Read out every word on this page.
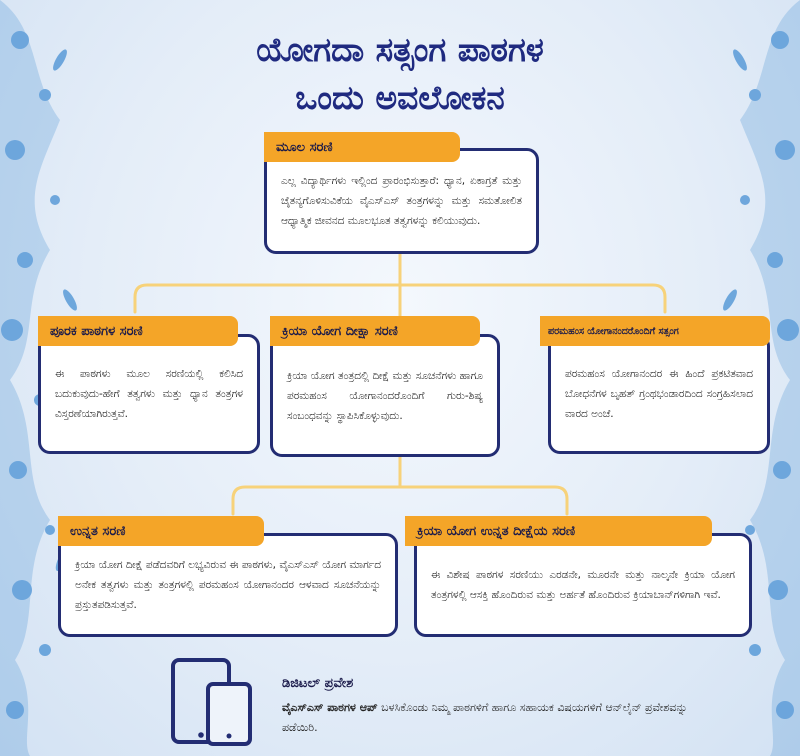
ಯೋಗದಾ ಸತ್ಸಂಗ ಪಾಠಗಳ
ಒಂದು ಅವಲೋಕನ
ಎಲ್ಲ ವಿದ್ಯಾರ್ಥಿಗಳು ಇಲ್ಲಿಂದ ಪ್ರಾರಂಭಿಸುತ್ತಾರೆ: ಧ್ಯಾನ, ಏಕಾಗ್ರತೆ ಮತ್ತು ಚೈತನ್ಯಗೊಳಿಸುವಿಕೆಯ ವೈಎಸ್ಎಸ್ ತಂತ್ರಗಳನ್ನು ಮತ್ತು ಸಮತೋಲಿತ ಆಧ್ಯಾತ್ಮಿಕ ಜೀವನದ ಮೂಲಭೂತ ತತ್ವಗಳನ್ನು ಕಲಿಯುವುದು.
ಮೂಲ ಸರಣಿ
ಈ ಪಾಠಗಳು ಮೂಲ ಸರಣಿಯಲ್ಲಿ ಕಲಿಸಿದ ಬದುಕುವುದು-ಹೇಗೆ ತತ್ವಗಳು ಮತ್ತು ಧ್ಯಾನ ತಂತ್ರಗಳ ವಿಸ್ತರಣೆಯಾಗಿರುತ್ತವೆ.
ಪೂರಕ ಪಾಠಗಳ ಸರಣಿ
ಕ್ರಿಯಾ ಯೋಗ ತಂತ್ರದಲ್ಲಿ ದೀಕ್ಷೆ ಮತ್ತು ಸೂಚನೆಗಳು ಹಾಗೂ ಪರಮಹಂಸ ಯೋಗಾನಂದರೊಂದಿಗೆ ಗುರು-ಶಿಷ್ಯ ಸಂಬಂಧವನ್ನು ಸ್ಥಾಪಿಸಿಕೊಳ್ಳುವುದು.
ಕ್ರಿಯಾ ಯೋಗ ದೀಕ್ಷಾ ಸರಣಿ
ಪರಮಹಂಸ ಯೋಗಾನಂದರ ಈ ಹಿಂದೆ ಪ್ರಕಟಿತವಾದ ಬೋಧನೆಗಳ ಬೃಹತ್ ಗ್ರಂಥಭಂಡಾರದಿಂದ ಸಂಗ್ರಹಿಸಲಾದ ವಾರದ ಅಂಚೆ.
ಪರಮಹಂಸ ಯೋಗಾನಂದರೊಂದಿಗೆ ಸತ್ಸಂಗ
ಕ್ರಿಯಾ ಯೋಗ ದೀಕ್ಷೆ ಪಡೆದವರಿಗೆ ಲಭ್ಯವಿರುವ ಈ ಪಾಠಗಳು, ವೈಎಸ್ಎಸ್ ಯೋಗ ಮಾರ್ಗದ ಅನೇಕ ತತ್ವಗಳು ಮತ್ತು ತಂತ್ರಗಳಲ್ಲಿ ಪರಮಹಂಸ ಯೋಗಾನಂದರ ಆಳವಾದ ಸೂಚನೆಯನ್ನು ಪ್ರಸ್ತುತಪಡಿಸುತ್ತವೆ.
ಉನ್ನತ ಸರಣಿ
ಈ ವಿಶೇಷ ಪಾಠಗಳ ಸರಣಿಯು ಎರಡನೇ, ಮೂರನೇ ಮತ್ತು ನಾಲ್ಕನೇ ಕ್ರಿಯಾ ಯೋಗ ತಂತ್ರಗಳಲ್ಲಿ ಆಸಕ್ತಿ ಹೊಂದಿರುವ ಮತ್ತು ಅರ್ಹತೆ ಹೊಂದಿರುವ ಕ್ರಿಯಾಬಾನ್‌ಗಳಿಗಾಗಿ ಇವೆ.
ಕ್ರಿಯಾ ಯೋಗ ಉನ್ನತ ದೀಕ್ಷೆಯ ಸರಣಿ
ಡಿಜಿಟಲ್ ಪ್ರವೇಶ
ವೈಎಸ್ಎಸ್ ಪಾಠಗಳ ಆಪ್ ಬಳಸಿಕೊಂಡು ನಿಮ್ಮ ಪಾಠಗಳಿಗೆ ಹಾಗೂ ಸಹಾಯಕ ವಿಷಯಗಳಿಗೆ ಆನ್‌ಲೈನ್ ಪ್ರವೇಶವನ್ನು ಪಡೆಯಿರಿ.
